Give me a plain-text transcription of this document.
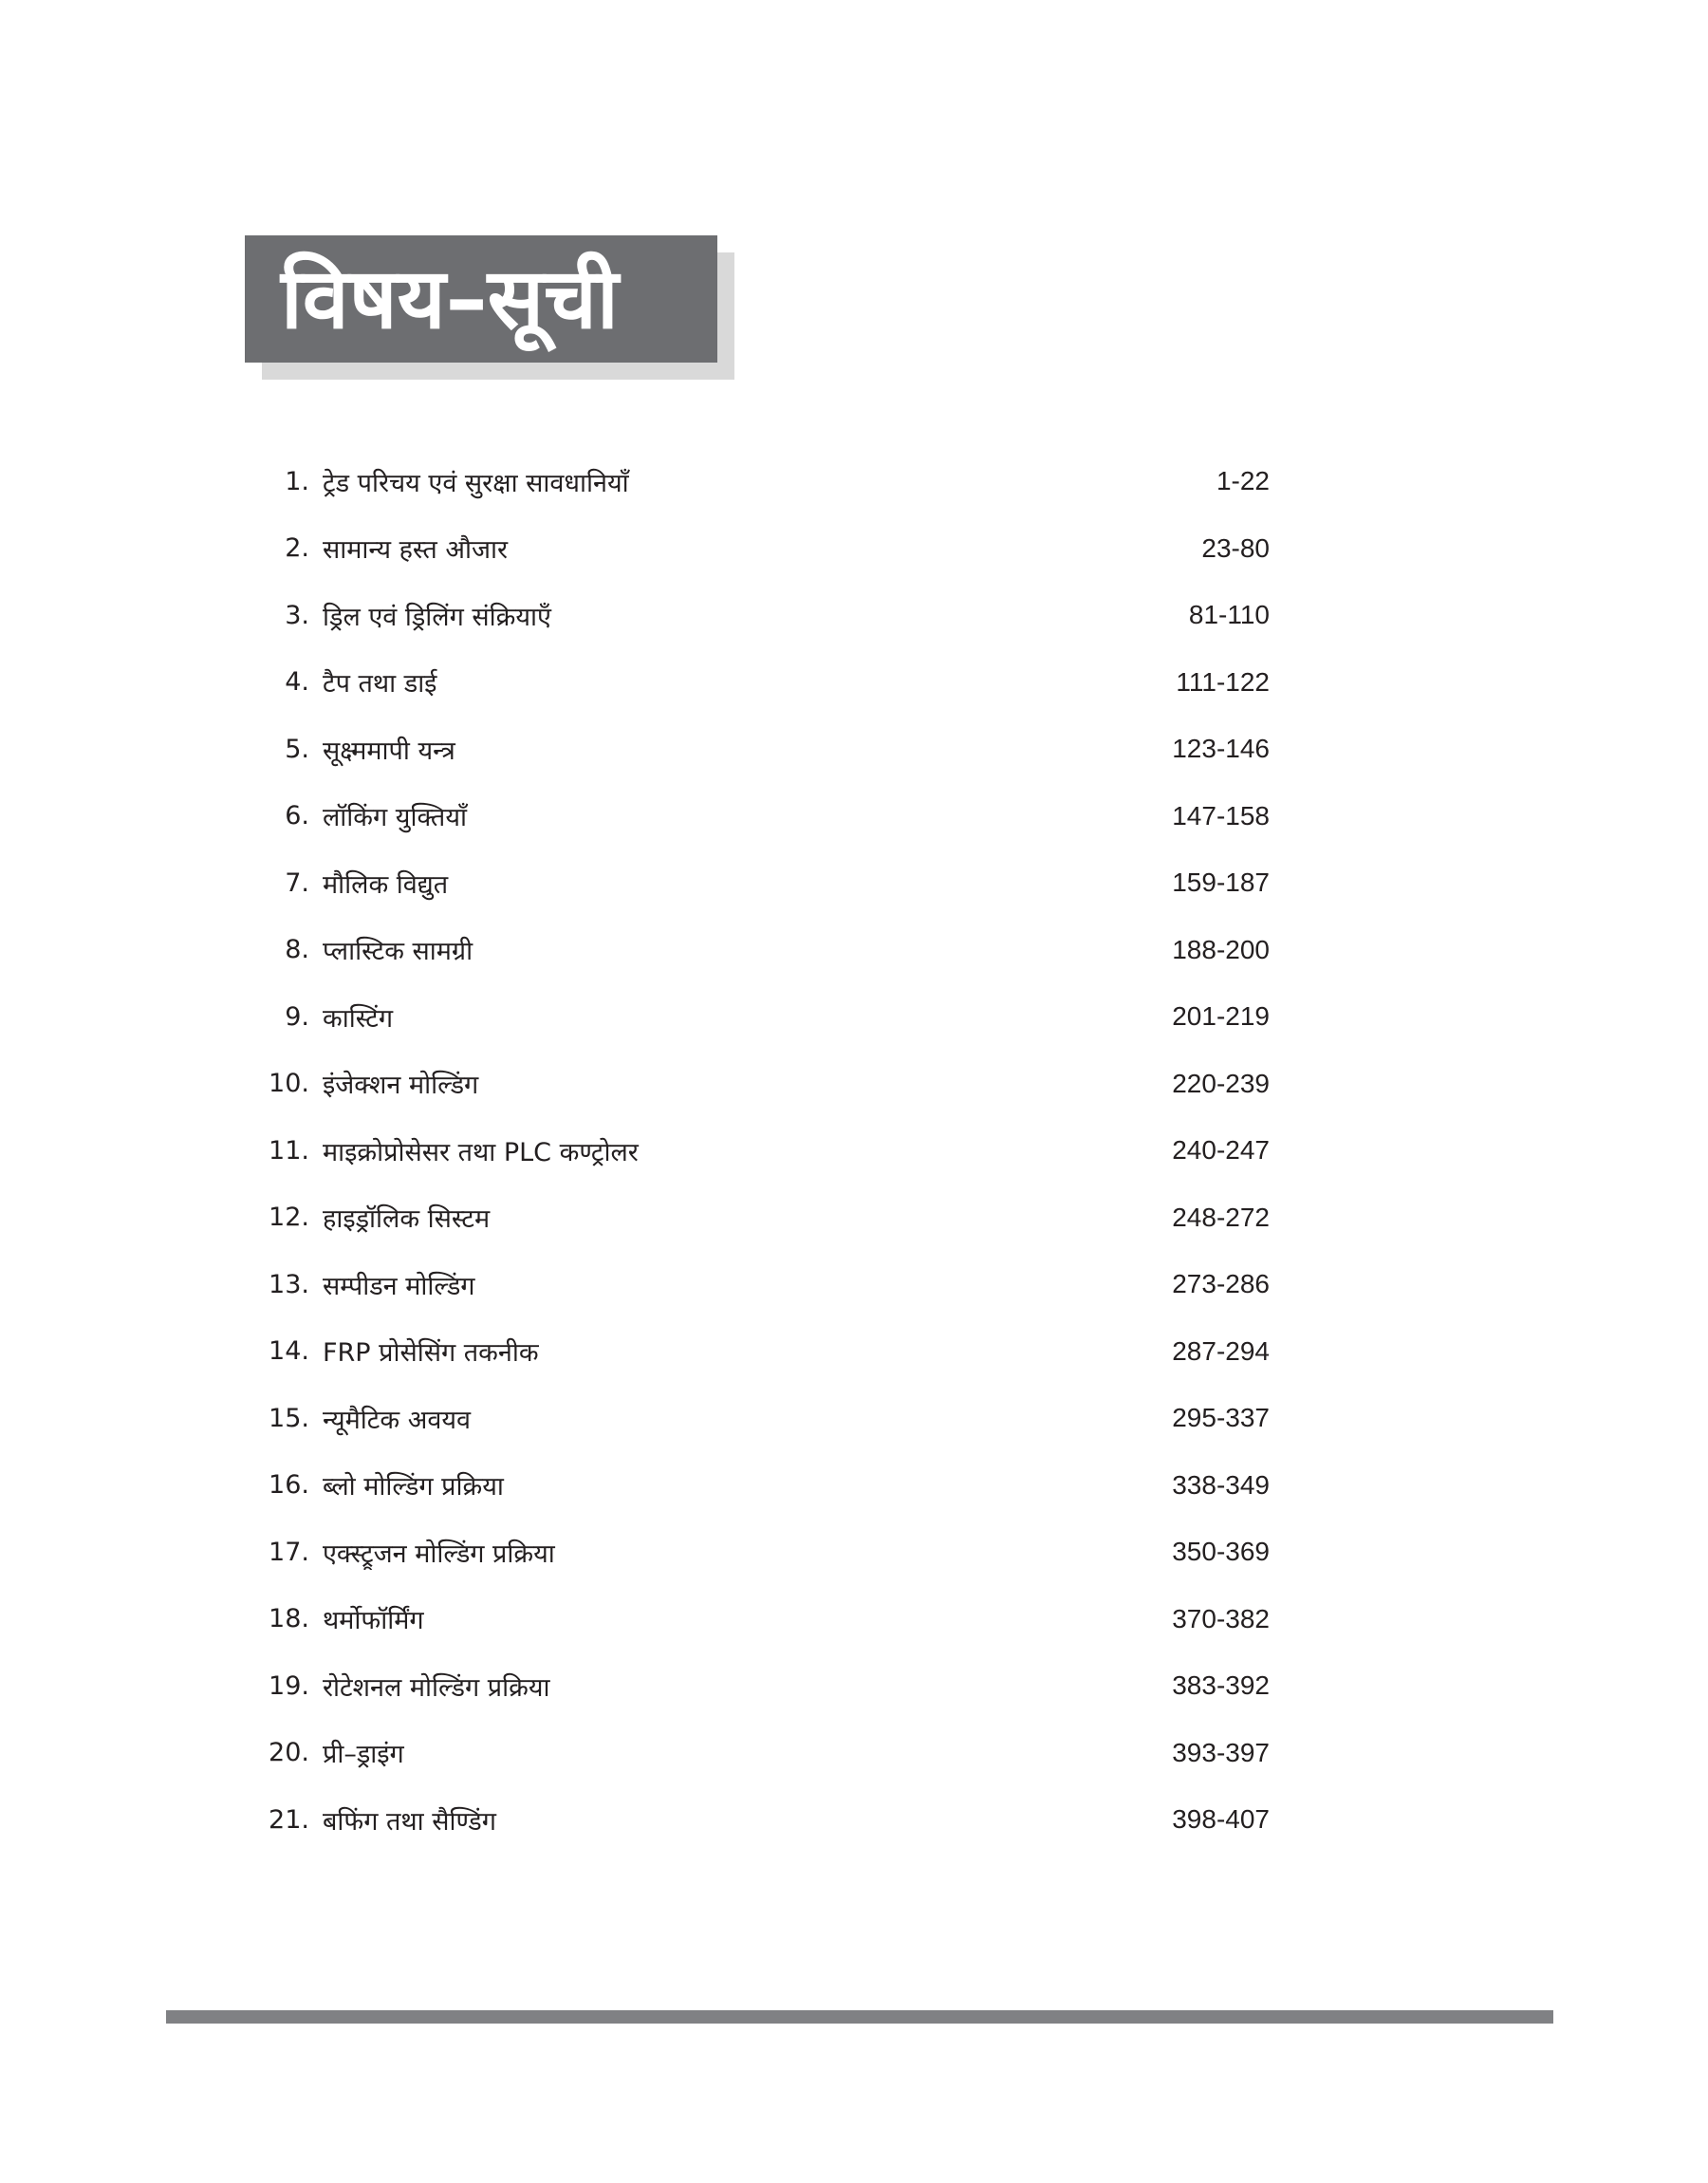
विषय–सूची
1. ट्रेड परिचय एवं सुरक्षा सावधानियाँ	1-22
2. सामान्य हस्त औजार	23-80
3. ड्रिल एवं ड्रिलिंग संक्रियाएँ	81-110
4. टैप तथा डाई	111-122
5. सूक्ष्ममापी यन्त्र	123-146
6. लॉकिंग युक्तियाँ	147-158
7. मौलिक विद्युत	159-187
8. प्लास्टिक सामग्री	188-200
9. कास्टिंग	201-219
10. इंजेक्शन मोल्डिंग	220-239
11. माइक्रोप्रोसेसर तथा PLC कण्ट्रोलर	240-247
12. हाइड्रॉलिक सिस्टम	248-272
13. सम्पीडन मोल्डिंग	273-286
14. FRP प्रोसेसिंग तकनीक	287-294
15. न्यूमैटिक अवयव	295-337
16. ब्लो मोल्डिंग प्रक्रिया	338-349
17. एक्स्ट्रूजन मोल्डिंग प्रक्रिया	350-369
18. थर्मोफॉर्मिंग	370-382
19. रोटेशनल मोल्डिंग प्रक्रिया	383-392
20. प्री–ड्राइंग	393-397
21. बफिंग तथा सैण्डिंग	398-407
